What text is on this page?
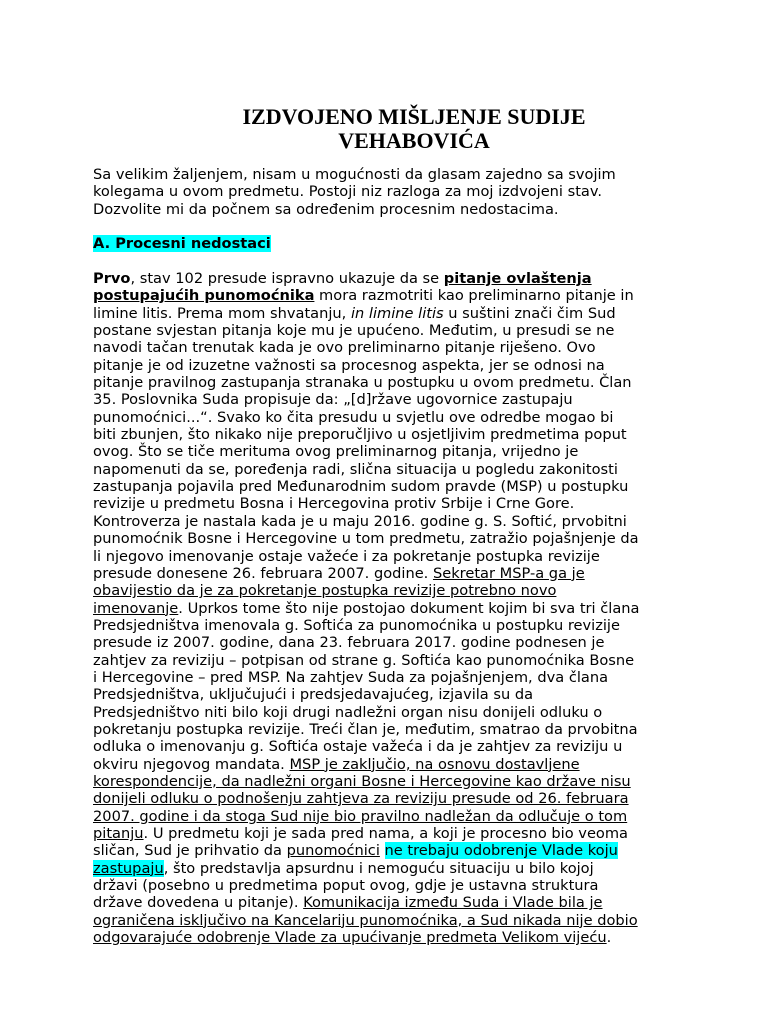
IZDVOJENO MIŠLJENJE SUDIJE
VEHABOVIĆA
Sa velikim žaljenjem, nisam u mogućnosti da glasam zajedno sa svojim
kolegama u ovom predmetu. Postoji niz razloga za moj izdvojeni stav.
Dozvolite mi da počnem sa određenim procesnim nedostacima.
A. Procesni nedostaci
Prvo, stav 102 presude ispravno ukazuje da se pitanje ovlaštenja
postupajućih punomoćnika mora razmotriti kao preliminarno pitanje in
limine litis. Prema mom shvatanju, in limine litis u suštini znači čim Sud
postane svjestan pitanja koje mu je upućeno. Međutim, u presudi se ne
navodi tačan trenutak kada je ovo preliminarno pitanje riješeno. Ovo
pitanje je od izuzetne važnosti sa procesnog aspekta, jer se odnosi na
pitanje pravilnog zastupanja stranaka u postupku u ovom predmetu. Član
35. Poslovnika Suda propisuje da: „[d]ržave ugovornice zastupaju
punomoćnici...“. Svako ko čita presudu u svjetlu ove odredbe mogao bi
biti zbunjen, što nikako nije preporučljivo u osjetljivim predmetima poput
ovog. Što se tiče merituma ovog preliminarnog pitanja, vrijedno je
napomenuti da se, poređenja radi, slična situacija u pogledu zakonitosti
zastupanja pojavila pred Međunarodnim sudom pravde (MSP) u postupku
revizije u predmetu Bosna i Hercegovina protiv Srbije i Crne Gore.
Kontroverza je nastala kada je u maju 2016. godine g. S. Softić, prvobitni
punomoćnik Bosne i Hercegovine u tom predmetu, zatražio pojašnjenje da
li njegovo imenovanje ostaje važeće i za pokretanje postupka revizije
presude donesene 26. februara 2007. godine. Sekretar MSP-a ga je
obavijestio da je za pokretanje postupka revizije potrebno novo
imenovanje. Uprkos tome što nije postojao dokument kojim bi sva tri člana
Predsjedništva imenovala g. Softića za punomoćnika u postupku revizije
presude iz 2007. godine, dana 23. februara 2017. godine podnesen je
zahtjev za reviziju – potpisan od strane g. Softića kao punomoćnika Bosne
i Hercegovine – pred MSP. Na zahtjev Suda za pojašnjenjem, dva člana
Predsjedništva, uključujući i predsjedavajućeg, izjavila su da
Predsjedništvo niti bilo koji drugi nadležni organ nisu donijeli odluku o
pokretanju postupka revizije. Treći član je, međutim, smatrao da prvobitna
odluka o imenovanju g. Softića ostaje važeća i da je zahtjev za reviziju u
okviru njegovog mandata. MSP je zaključio, na osnovu dostavljene
korespondencije, da nadležni organi Bosne i Hercegovine kao države nisu
donijeli odluku o podnošenju zahtjeva za reviziju presude od 26. februara
2007. godine i da stoga Sud nije bio pravilno nadležan da odlučuje o tom
pitanju. U predmetu koji je sada pred nama, a koji je procesno bio veoma
sličan, Sud je prihvatio da punomoćnici ne trebaju odobrenje Vlade koju
zastupaju, što predstavlja apsurdnu i nemoguću situaciju u bilo kojoj
državi (posebno u predmetima poput ovog, gdje je ustavna struktura
države dovedena u pitanje). Komunikacija između Suda i Vlade bila je
ograničena isključivo na Kancelariju punomoćnika, a Sud nikada nije dobio
odgovarajuće odobrenje Vlade za upućivanje predmeta Velikom vijeću.
